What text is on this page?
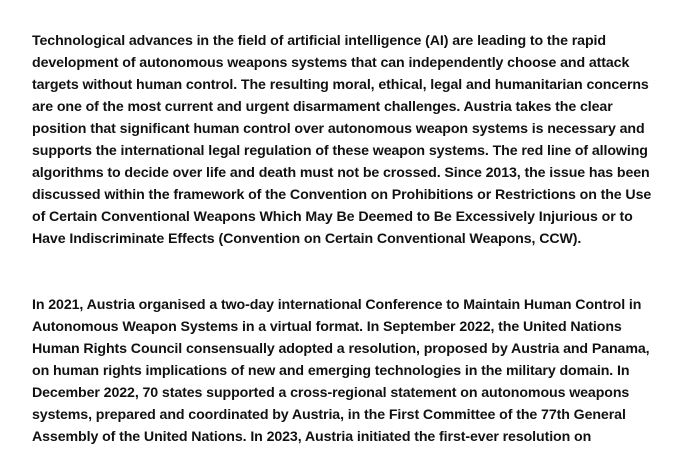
Technological advances in the field of artificial intelligence (AI) are leading to the rapid development of autonomous weapons systems that can independently choose and attack targets without human control. The resulting moral, ethical, legal and humanitarian concerns are one of the most current and urgent disarmament challenges. Austria takes the clear position that significant human control over autonomous weapon systems is necessary and supports the international legal regulation of these weapon systems. The red line of allowing algorithms to decide over life and death must not be crossed. Since 2013, the issue has been discussed within the framework of the Convention on Prohibitions or Restrictions on the Use of Certain Conventional Weapons Which May Be Deemed to Be Excessively Injurious or to Have Indiscriminate Effects (Convention on Certain Conventional Weapons, CCW).

In 2021, Austria organised a two-day international Conference to Maintain Human Control in Autonomous Weapon Systems in a virtual format. In September 2022, the United Nations Human Rights Council consensually adopted a resolution, proposed by Austria and Panama, on human rights implications of new and emerging technologies in the military domain. In December 2022, 70 states supported a cross-regional statement on autonomous weapons systems, prepared and coordinated by Austria, in the First Committee of the 77th General Assembly of the United Nations. In 2023, Austria initiated the first-ever resolution on
